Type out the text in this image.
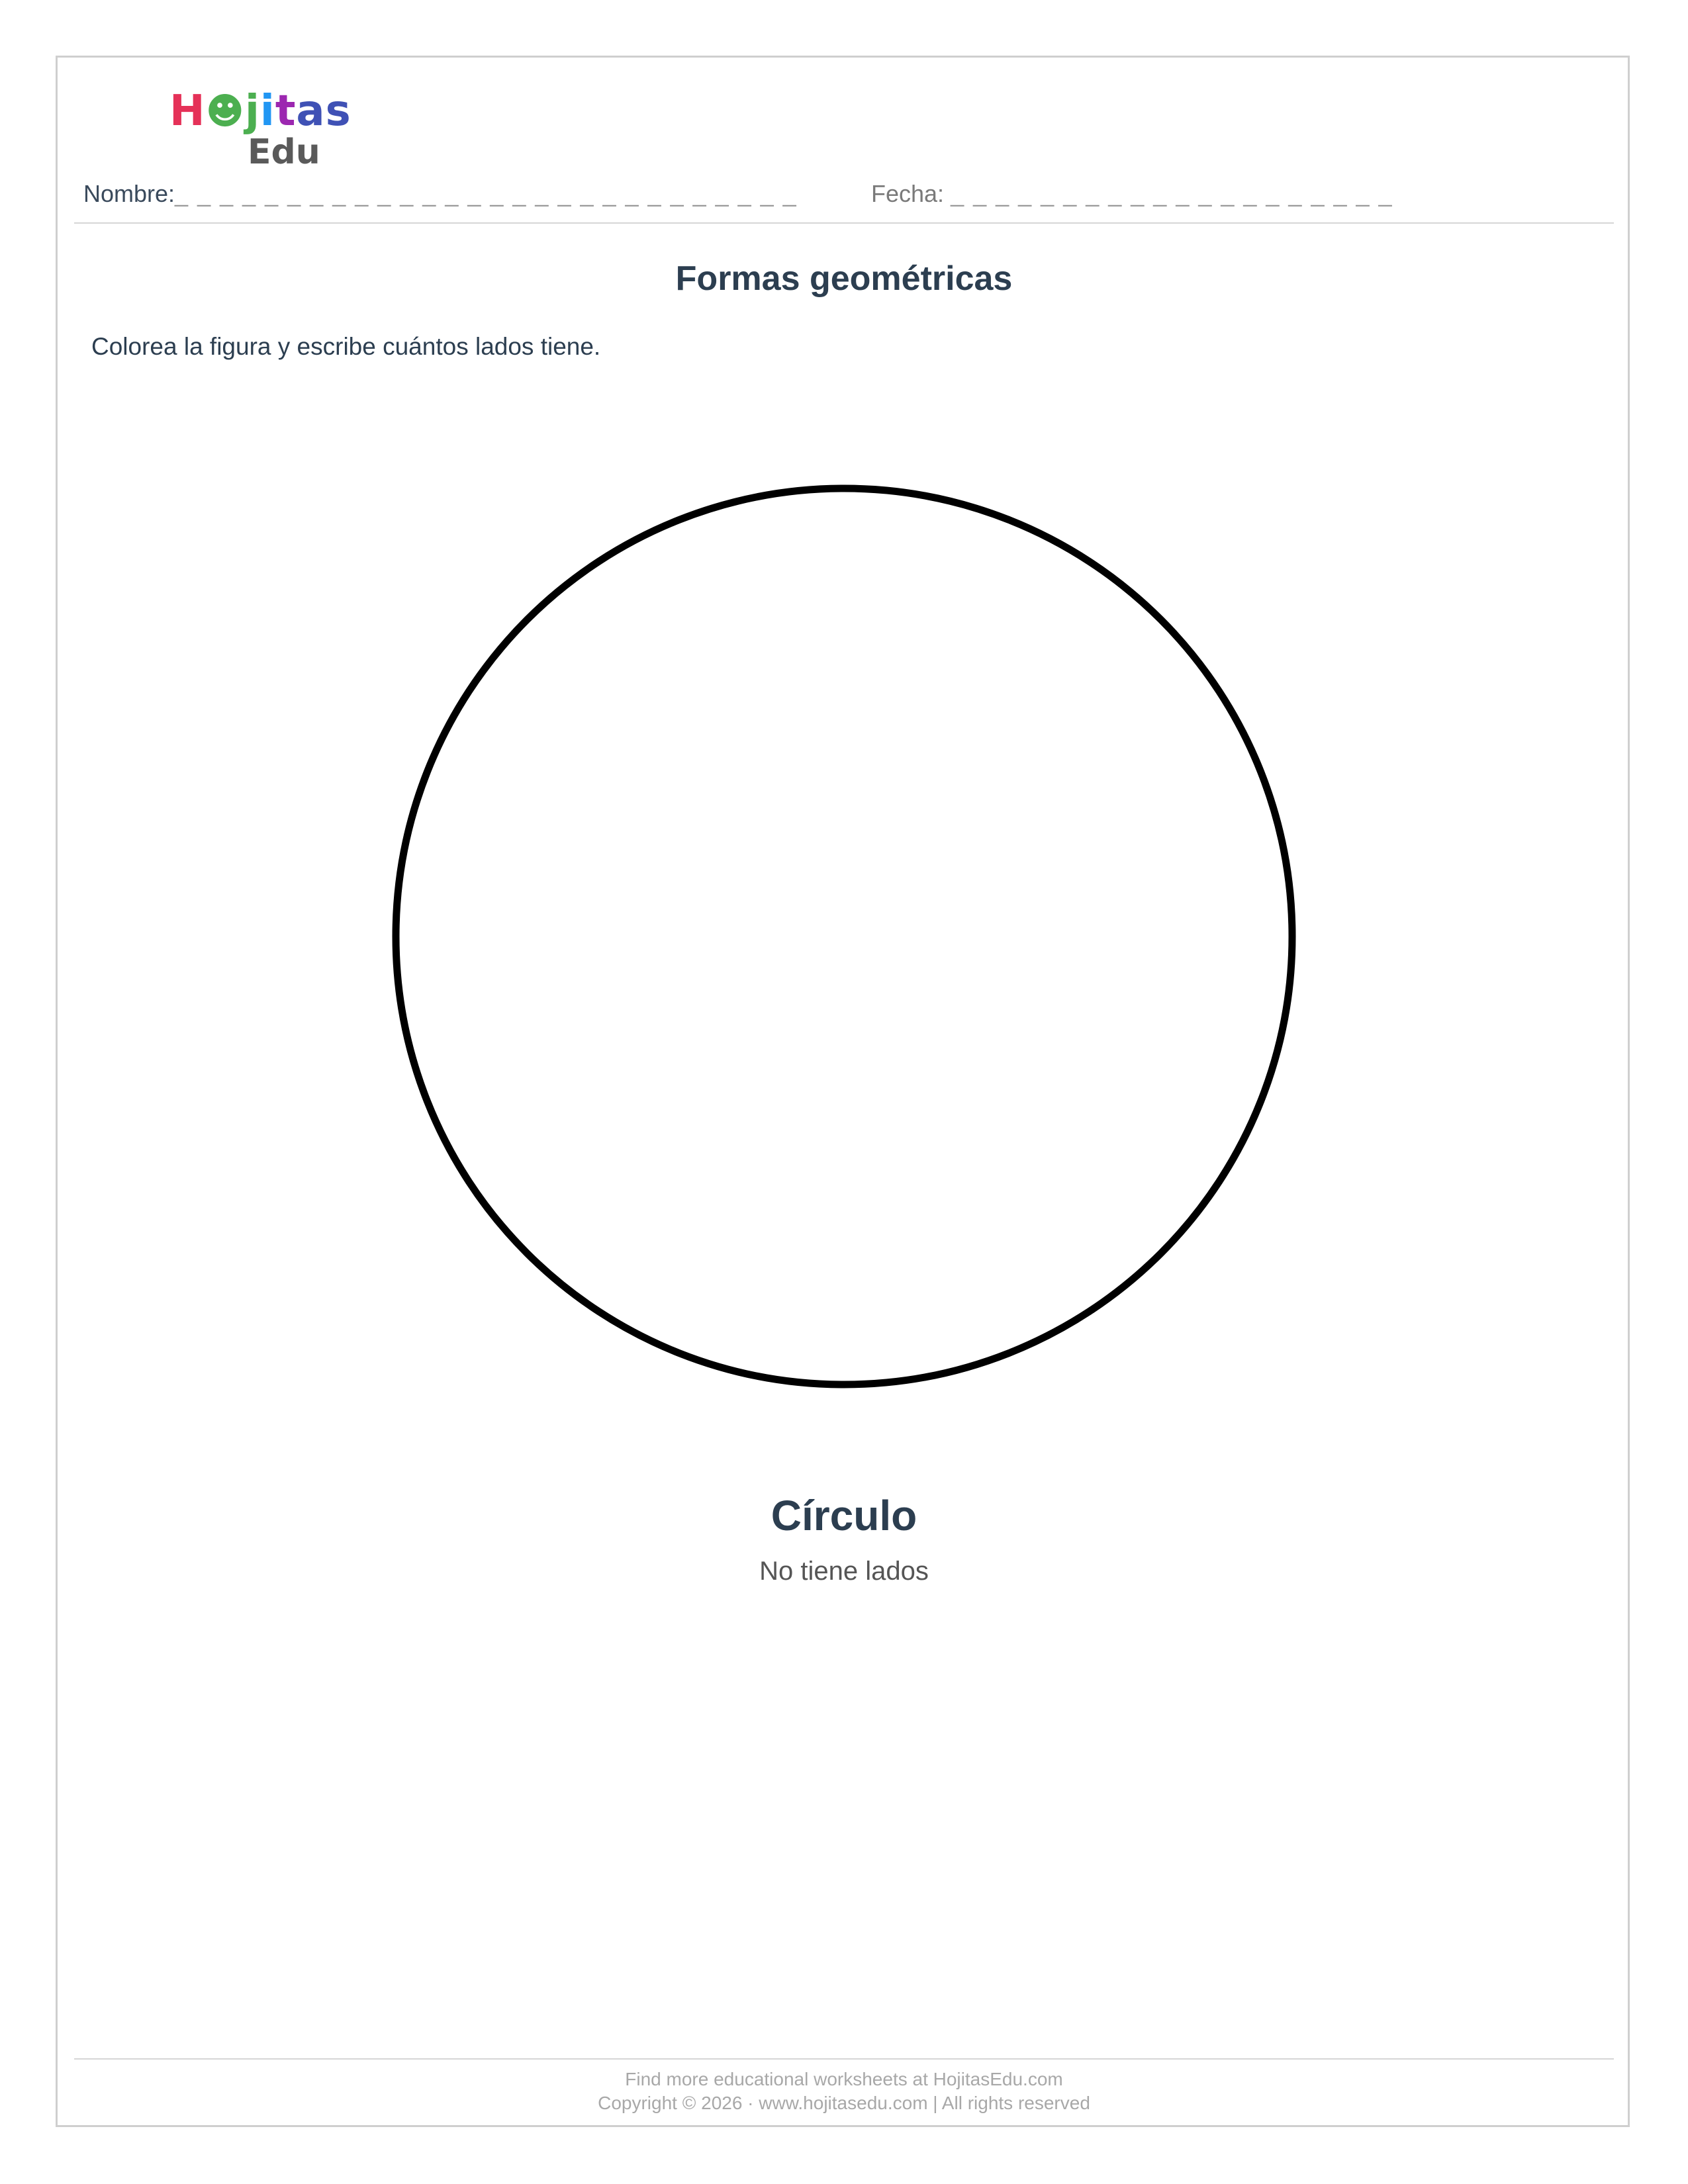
H☻jitas
Edu
Nombre:_ _ _ _ _ _ _ _ _ _ _ _ _ _ _ _ _ _ _ _ _ _ _ _ _ _ _ _	Fecha: _ _ _ _ _ _ _ _ _ _ _ _ _ _ _ _ _ _ _ _
Formas geométricas
Colorea la figura y escribe cuántos lados tiene.
Círculo
No tiene lados
Find more educational worksheets at HojitasEdu.com
Copyright © 2026 · www.hojitasedu.com | All rights reserved
